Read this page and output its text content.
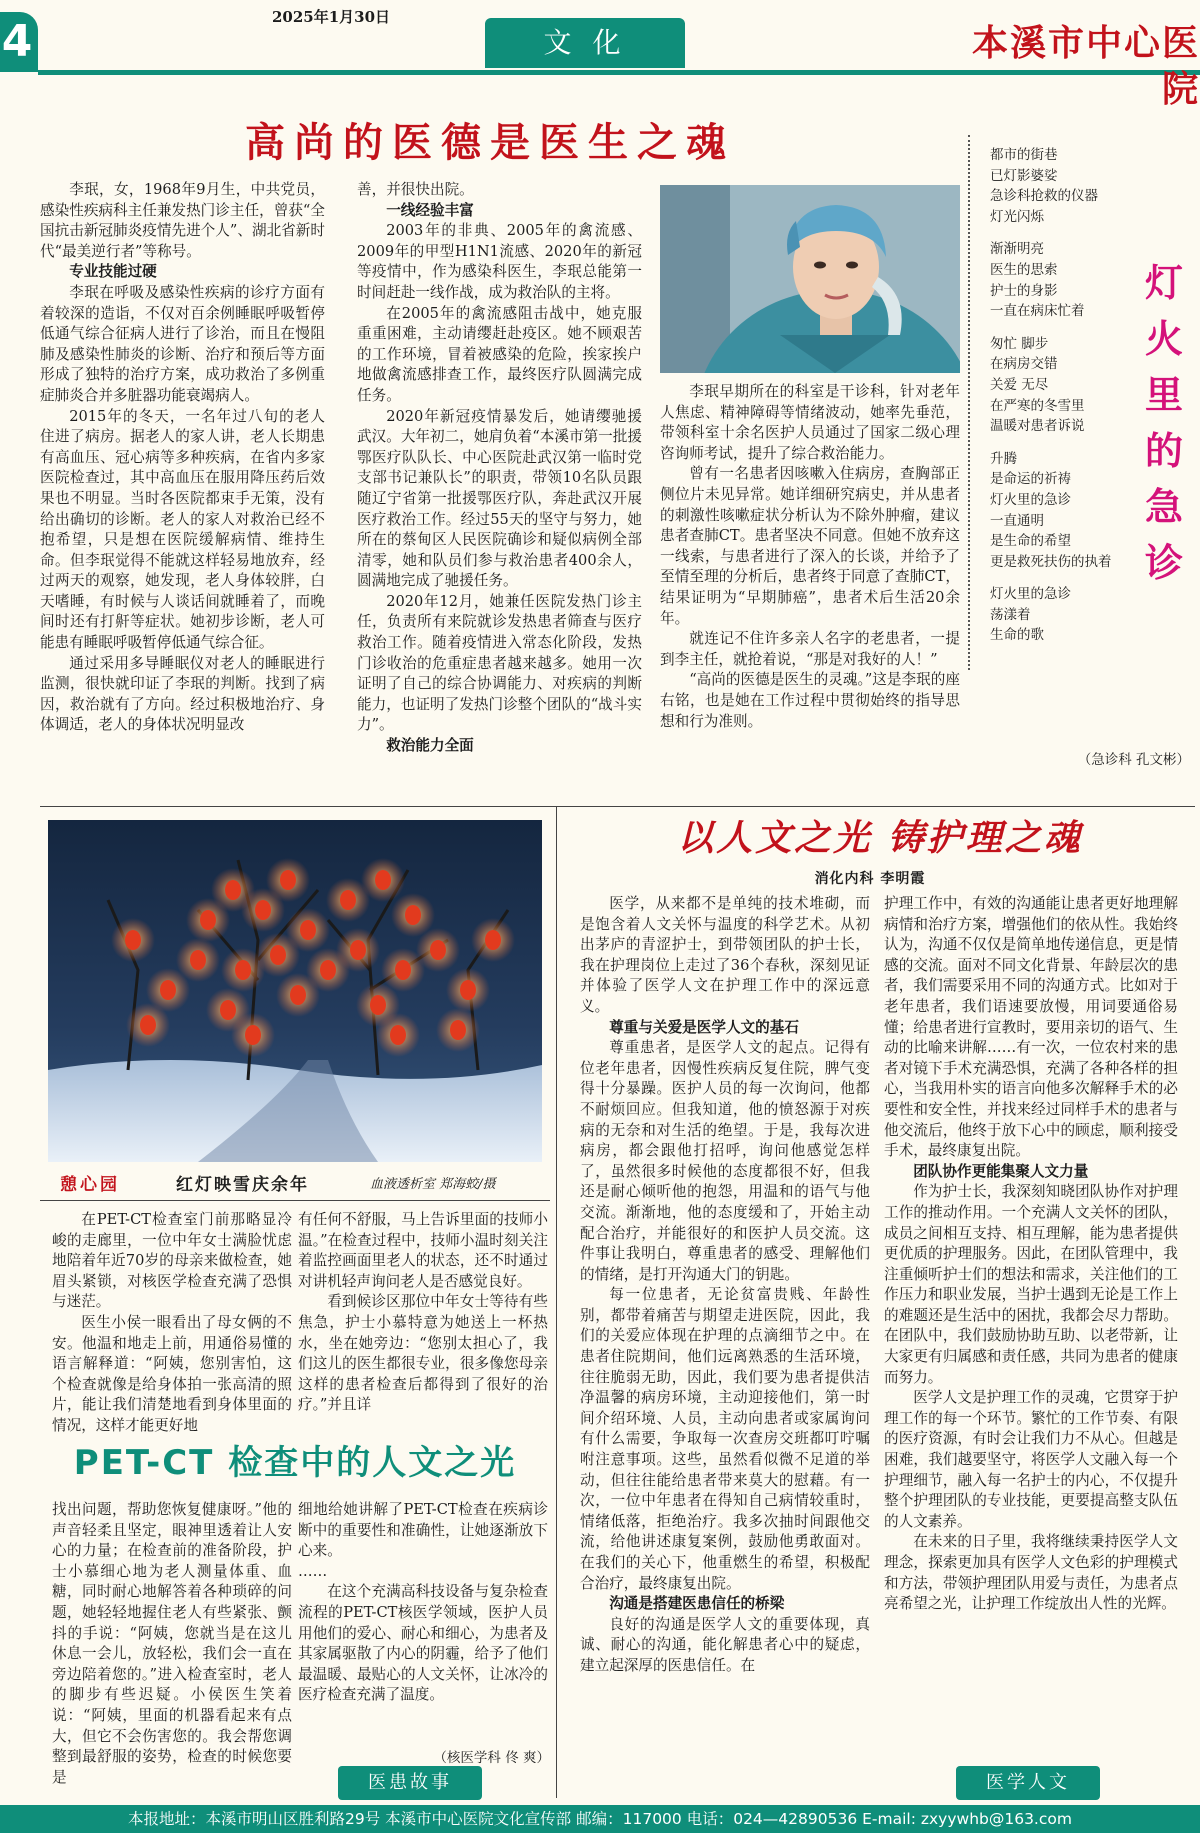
4	2025年1月30日
文 化	本溪市中心医院
高尚的医德是医生之魂

李珉，女，1968年9月生，中共党员，感染性疾病科主任兼发热门诊主任，曾获“全国抗击新冠肺炎疫情先进个人”、湖北省新时代“最美逆行者”等称号。

专业技能过硬

李珉在呼吸及感染性疾病的诊疗方面有着较深的造诣，不仅对百余例睡眠呼吸暂停低通气综合征病人进行了诊治，而且在慢阻肺及感染性肺炎的诊断、治疗和预后等方面形成了独特的治疗方案，成功救治了多例重症肺炎合并多脏器功能衰竭病人。

2015年的冬天，一名年过八旬的老人住进了病房。据老人的家人讲，老人长期患有高血压、冠心病等多种疾病，在省内多家医院检查过，其中高血压在服用降压药后效果也不明显。当时各医院都束手无策，没有给出确切的诊断。老人的家人对救治已经不抱希望，只是想在医院缓解病情、维持生命。但李珉觉得不能就这样轻易地放弃，经过两天的观察，她发现，老人身体较胖，白天嗜睡，有时候与人谈话间就睡着了，而晚间时还有打鼾等症状。她初步诊断，老人可能患有睡眠呼吸暂停低通气综合征。

通过采用多导睡眠仪对老人的睡眠进行监测，很快就印证了李珉的判断。找到了病因，救治就有了方向。经过积极地治疗、身体调适，老人的身体状况明显改

善，并很快出院。

一线经验丰富

2003年的非典、2005年的禽流感、2009年的甲型H1N1流感、2020年的新冠等疫情中，作为感染科医生，李珉总能第一时间赶赴一线作战，成为救治队的主将。

在2005年的禽流感阻击战中，她克服重重困难，主动请缨赶赴疫区。她不顾艰苦的工作环境，冒着被感染的危险，挨家挨户地做禽流感排查工作，最终医疗队圆满完成任务。

2020年新冠疫情暴发后，她请缨驰援武汉。大年初二，她肩负着“本溪市第一批援鄂医疗队队长、中心医院赴武汉第一临时党支部书记兼队长”的职责，带领10名队员跟随辽宁省第一批援鄂医疗队，奔赴武汉开展医疗救治工作。经过55天的坚守与努力，她所在的蔡甸区人民医院确诊和疑似病例全部清零，她和队员们参与救治患者400余人，圆满地完成了驰援任务。

2020年12月，她兼任医院发热门诊主任，负责所有来院就诊发热患者筛查与医疗救治工作。随着疫情进入常态化阶段，发热门诊收治的危重症患者越来越多。她用一次证明了自己的综合协调能力、对疾病的判断能力，也证明了发热门诊整个团队的“战斗实力”。

救治能力全面

李珉早期所在的科室是干诊科，针对老年人焦虑、精神障碍等情绪波动，她率先垂范，带领科室十余名医护人员通过了国家二级心理咨询师考试，提升了综合救治能力。

曾有一名患者因咳嗽入住病房，查胸部正侧位片未见异常。她详细研究病史，并从患者的刺激性咳嗽症状分析认为不除外肿瘤，建议患者查肺CT。患者坚决不同意。但她不放弃这一线索，与患者进行了深入的长谈，并给予了至情至理的分析后，患者终于同意了查肺CT，结果证明为“早期肺癌”，患者术后生活20余年。

就连记不住许多亲人名字的老患者，一提到李主任，就抢着说，“那是对我好的人！”

“高尚的医德是医生的灵魂。”这是李珉的座右铭，也是她在工作过程中贯彻始终的指导思想和行为准则。

都市的街巷
已灯影婆娑
急诊科抢救的仪器
灯光闪烁
渐渐明亮
医生的思索
护士的身影
一直在病床忙着
匆忙 脚步
在病房交错
关爱 无尽
在严寒的冬雪里
温暖对患者诉说
升腾
是命运的祈祷
灯火里的急诊
一直通明
是生命的希望
更是救死扶伤的执着
灯火里的急诊
荡漾着
生命的歌
灯
火
里
的
急
诊
（急诊科 孔文彬）
憩心园	红灯映雪庆余年	血液透析室 郑海蛟/摄

在PET-CT检查室门前那略显冷峻的走廊里，一位中年女士满脸忧虑地陪着年近70岁的母亲来做检查，她眉头紧锁，对核医学检查充满了恐惧与迷茫。

医生小侯一眼看出了母女俩的不安。他温和地走上前，用通俗易懂的语言解释道：“阿姨，您别害怕，这个检查就像是给身体拍一张高清的照片，能让我们清楚地看到身体里面的情况，这样才能更好地

有任何不舒服，马上告诉里面的技师小温。”在检查过程中，技师小温时刻关注着监控画面里老人的状态，还不时通过对讲机轻声询问老人是否感觉良好。

看到候诊区那位中年女士等待有些焦急，护士小慕特意为她送上一杯热水，坐在她旁边：“您别太担心了，我们这儿的医生都很专业，很多像您母亲这样的患者检查后都得到了很好的治疗。”并且详

PET-CT 检查中的人文之光

找出问题，帮助您恢复健康呀。”他的声音轻柔且坚定，眼神里透着让人安心的力量；在检查前的准备阶段，护士小慕细心地为老人测量体重、血糖，同时耐心地解答着各种琐碎的问题，她轻轻地握住老人有些紧张、颤抖的手说：“阿姨，您就当是在这儿休息一会儿，放轻松，我们会一直在旁边陪着您的。”进入检查室时，老人的脚步有些迟疑。小侯医生笑着说：“阿姨，里面的机器看起来有点大，但它不会伤害您的。我会帮您调整到最舒服的姿势，检查的时候您要是

细地给她讲解了PET-CT检查在疾病诊断中的重要性和准确性，让她逐渐放下心来。

……

在这个充满高科技设备与复杂检查流程的PET-CT核医学领域，医护人员用他们的爱心、耐心和细心，为患者及其家属驱散了内心的阴霾，给予了他们最温暖、最贴心的人文关怀，让冰冷的医疗检查充满了温度。

（核医学科 佟 爽）
医患故事
以人文之光 铸护理之魂
消化内科 李明霞

医学，从来都不是单纯的技术堆砌，而是饱含着人文关怀与温度的科学艺术。从初出茅庐的青涩护士，到带领团队的护士长，我在护理岗位上走过了36个春秋，深刻见证并体验了医学人文在护理工作中的深远意义。

尊重与关爱是医学人文的基石

尊重患者，是医学人文的起点。记得有位老年患者，因慢性疾病反复住院，脾气变得十分暴躁。医护人员的每一次询问，他都不耐烦回应。但我知道，他的愤怒源于对疾病的无奈和对生活的绝望。于是，我每次进病房，都会跟他打招呼，询问他感觉怎样了，虽然很多时候他的态度都很不好，但我还是耐心倾听他的抱怨，用温和的语气与他交流。渐渐地，他的态度缓和了，开始主动配合治疗，并能很好的和医护人员交流。这件事让我明白，尊重患者的感受、理解他们的情绪，是打开沟通大门的钥匙。

每一位患者，无论贫富贵贱、年龄性别，都带着痛苦与期望走进医院，因此，我们的关爱应体现在护理的点滴细节之中。在患者住院期间，他们远离熟悉的生活环境，往往脆弱无助，因此，我们要为患者提供洁净温馨的病房环境，主动迎接他们，第一时间介绍环境、人员，主动向患者或家属询问有什么需要，争取每一次查房交班都叮咛嘱咐注意事项。这些，虽然看似微不足道的举动，但往往能给患者带来莫大的慰藉。有一次，一位中年患者在得知自己病情较重时，情绪低落，拒绝治疗。我多次抽时间跟他交流，给他讲述康复案例，鼓励他勇敢面对。在我们的关心下，他重燃生的希望，积极配合治疗，最终康复出院。

沟通是搭建医患信任的桥梁

良好的沟通是医学人文的重要体现，真诚、耐心的沟通，能化解患者心中的疑虑，建立起深厚的医患信任。在

护理工作中，有效的沟通能让患者更好地理解病情和治疗方案，增强他们的依从性。我始终认为，沟通不仅仅是简单地传递信息，更是情感的交流。面对不同文化背景、年龄层次的患者，我们需要采用不同的沟通方式。比如对于老年患者，我们语速要放慢，用词要通俗易懂；给患者进行宣教时，要用亲切的语气、生动的比喻来讲解……有一次，一位农村来的患者对镜下手术充满恐惧，充满了各种各样的担心，当我用朴实的语言向他多次解释手术的必要性和安全性，并找来经过同样手术的患者与他交流后，他终于放下心中的顾虑，顺利接受手术，最终康复出院。

团队协作更能集聚人文力量

作为护士长，我深刻知晓团队协作对护理工作的推动作用。一个充满人文关怀的团队，成员之间相互支持、相互理解，能为患者提供更优质的护理服务。因此，在团队管理中，我注重倾听护士们的想法和需求，关注他们的工作压力和职业发展，当护士遇到无论是工作上的难题还是生活中的困扰，我都会尽力帮助。在团队中，我们鼓励协助互助、以老带新，让大家更有归属感和责任感，共同为患者的健康而努力。

医学人文是护理工作的灵魂，它贯穿于护理工作的每一个环节。繁忙的工作节奏、有限的医疗资源，有时会让我们力不从心。但越是困难，我们越要坚守，将医学人文融入每一个护理细节，融入每一名护士的内心，不仅提升整个护理团队的专业技能，更要提高整支队伍的人文素养。

在未来的日子里，我将继续秉持医学人文理念，探索更加具有医学人文色彩的护理模式和方法，带领护理团队用爱与责任，为患者点亮希望之光，让护理工作绽放出人性的光辉。

医学人文
本报地址：本溪市明山区胜利路29号 本溪市中心医院文化宣传部 邮编：117000 电话：024—42890536 E-mail: zxyywhb@163.com
